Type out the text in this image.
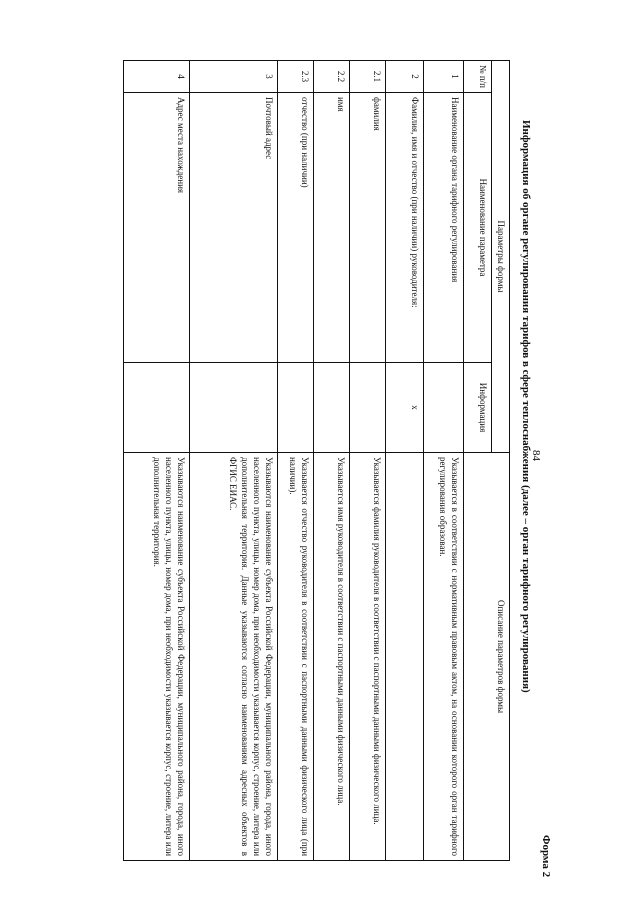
84
Форма 2
Информация об органе регулирования тарифов в сфере теплоснабжения (далее – орган тарифного регулирования)
Параметры формы			Описание параметров формы
№ п/п	Наименование параметра	Информация	
1	Наименование органа тарифного регулирования		Указывается в соответствии с нормативным правовым актом, на основании которого орган тарифного регулирования образован.
2	Фамилия, имя и отчество (при наличии) руководителя:	x	
2.1	фамилия		Указывается фамилия руководителя в соответствии с паспортными данными физического лица.
2.2	имя		Указывается имя руководителя в соответствии с паспортными данными физического лица.
2.3	отчество (при наличии)		Указывается отчество руководителя в соответствии с паспортными данными физического лица (при наличии).
3	Почтовый адрес		Указываются наименование субъекта Российской Федерации, муниципального района, города, иного населенного пункта, улицы, номер дома, при необходимости указывается корпус, строение, литера или дополнительная территория. Данные указываются согласно наименованиям адресных объектов в ФГИС ЕИАС.
4	Адрес места нахождения		Указываются наименование субъекта Российской Федерации, муниципального района, города, иного населенного пункта, улицы, номер дома, при необходимости указывается корпус, строение, литера или дополнительная территория.
